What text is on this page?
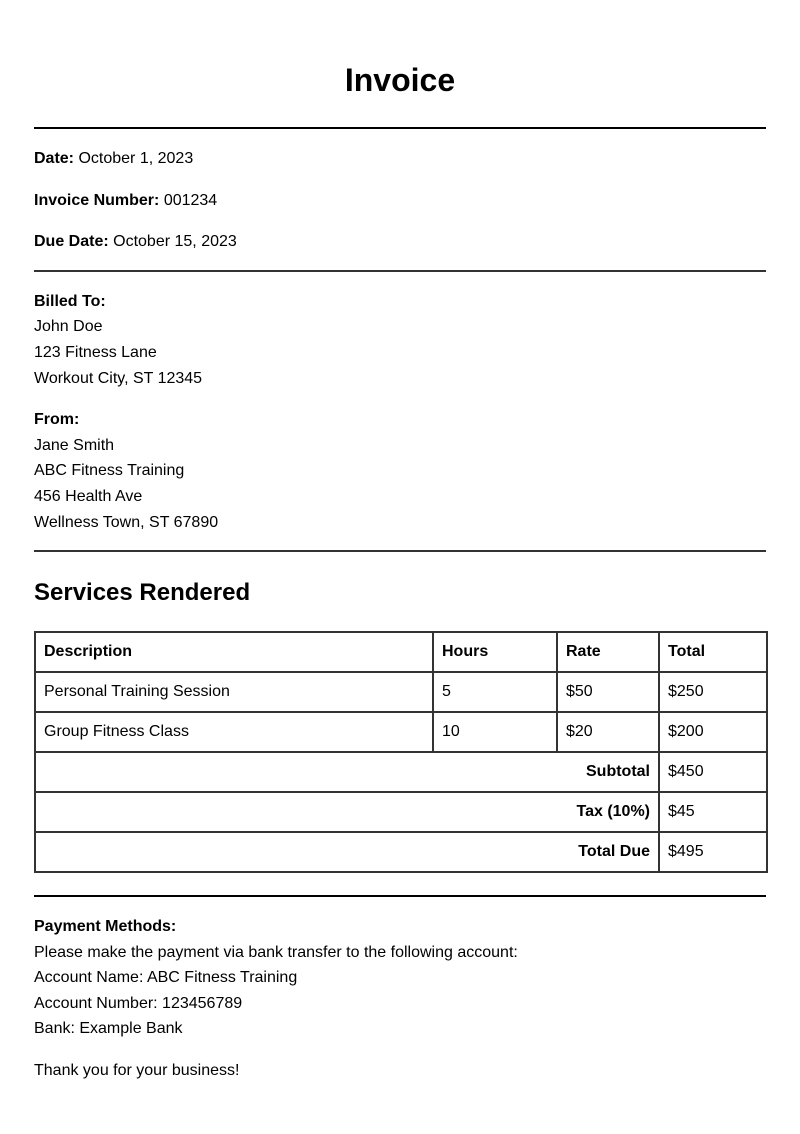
Invoice
Date: October 1, 2023
Invoice Number: 001234
Due Date: October 15, 2023
Billed To:
John Doe
123 Fitness Lane
Workout City, ST 12345
From:
Jane Smith
ABC Fitness Training
456 Health Ave
Wellness Town, ST 67890
Services Rendered
Description	Hours	Rate	Total
Personal Training Session	5	$50	$250
Group Fitness Class	10	$20	$200
Subtotal			$450
Tax (10%)			$45
Total Due			$495
Payment Methods:
Please make the payment via bank transfer to the following account:
Account Name: ABC Fitness Training
Account Number: 123456789
Bank: Example Bank
Thank you for your business!
